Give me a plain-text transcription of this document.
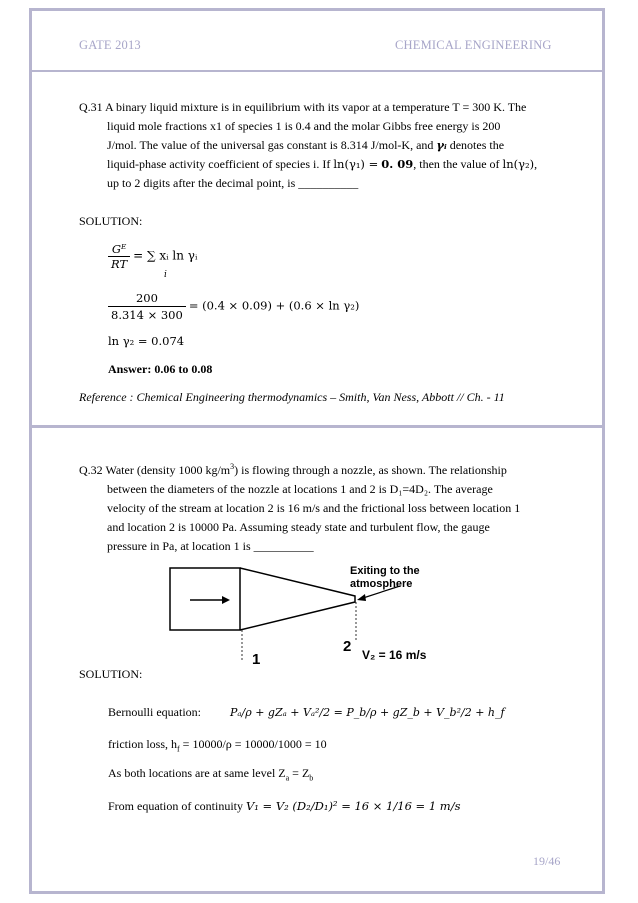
GATE 2013	CHEMICAL ENGINEERING
Q.31 A binary liquid mixture is in equilibrium with its vapor at a temperature T = 300 K. The
liquid mole fractions x1 of species 1 is 0.4 and the molar Gibbs free energy is 200
J/mol. The value of the universal gas constant is 8.314 J/mol-K, and γᵢ denotes the
liquid-phase activity coefficient of species i. If ln(γ₁) = 0. 09, then the value of ln(γ₂),
up to 2 digits after the decimal point, is __________
SOLUTION:
$\frac{\text{Gᴱ}}{RT}$ = ∑ xᵢ ln γᵢ
i
$\frac{200}{8.314 \times 300} = (0.4 \times 0.09) + (0.6 \times \ln \gamma_2)$
ln γ₂ = 0.074
Answer: 0.06 to 0.08
Reference : Chemical Engineering thermodynamics – Smith, Van Ness, Abbott // Ch. - 11
Q.32 Water (density 1000 $kg/m^3$) is flowing through a nozzle, as shown. The relationship
between the diameters of the nozzle at locations 1 and 2 is D₁=4D₂. The average
velocity of the stream at location 2 is 16 m/s and the frictional loss between location 1
and location 2 is 10000 Pa. Assuming steady state and turbulent flow, the gauge
pressure in Pa, at location 1 is __________
Exiting to the
atmosphere
1
2 V₂ = 16 m/s
SOLUTION:
Bernoulli equation:	Pₐ/ρ + gZₐ + Vₐ²/2 = P_b/ρ + gZ_b + V_b²/2 + h_f
friction loss, $h_f = 10000/\rho = 10000/1000 = 10$
As both locations are at same level $Z_a = Z_b$
From equation of continuity V₁ = V₂ (D₂/D₁)² = 16 × 1/16 = 1 m/s
19/46
